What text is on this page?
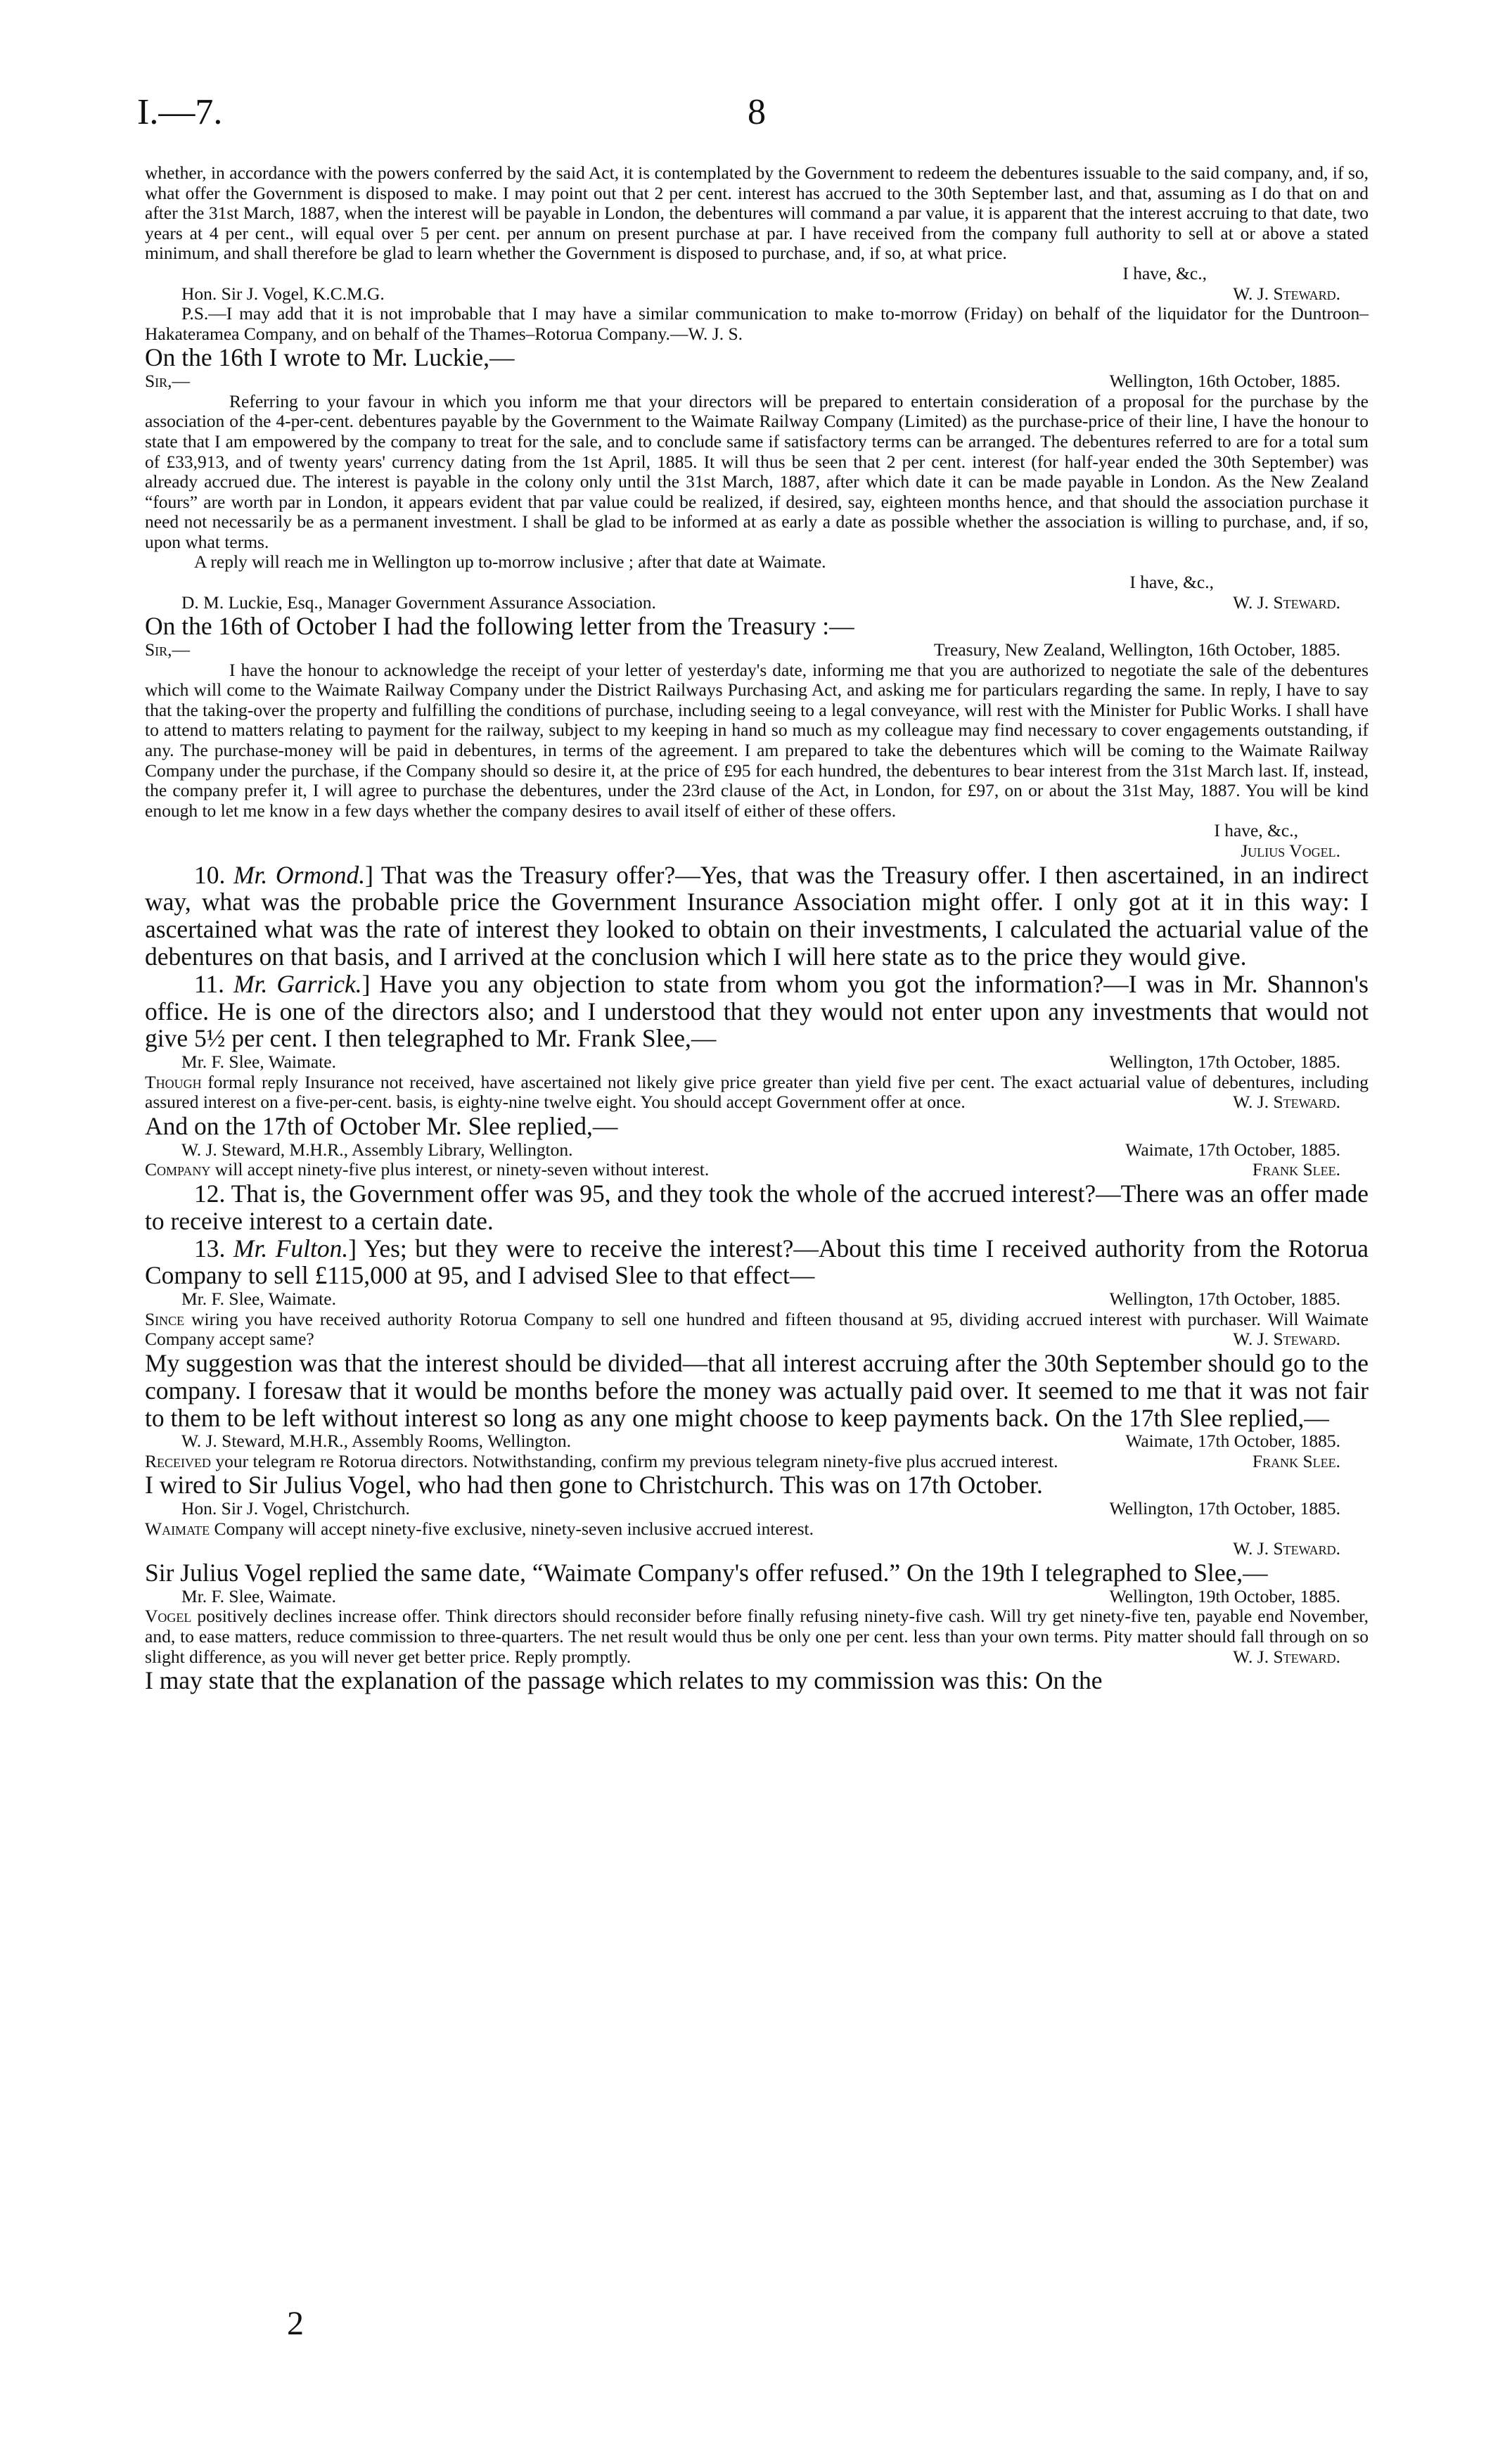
I.—7.	8

whether, in accordance with the powers conferred by the said Act, it is contemplated by the Government to redeem the debentures issuable to the said company, and, if so, what offer the Government is disposed to make. I may point out that 2 per cent. interest has accrued to the 30th September last, and that, assuming as I do that on and after the 31st March, 1887, when the interest will be payable in London, the debentures will command a par value, it is apparent that the interest accruing to that date, two years at 4 per cent., will equal over 5 per cent. per annum on present purchase at par. I have received from the company full authority to sell at or above a stated minimum, and shall therefore be glad to learn whether the Government is disposed to purchase, and, if so, at what price.

I have, &c.,
Hon. Sir J. Vogel, K.C.M.G.	W. J. Steward.

P.S.—I may add that it is not improbable that I may have a similar communication to make to-morrow (Friday) on behalf of the liquidator for the Duntroon–Hakateramea Company, and on behalf of the Thames–Rotorua Company.—W. J. S.

On the 16th I wrote to Mr. Luckie,—

Sir,—	Wellington, 16th October, 1885.

Referring to your favour in which you inform me that your directors will be prepared to entertain consideration of a proposal for the purchase by the association of the 4-per-cent. debentures payable by the Government to the Waimate Railway Company (Limited) as the purchase-price of their line, I have the honour to state that I am empowered by the company to treat for the sale, and to conclude same if satisfactory terms can be arranged. The debentures referred to are for a total sum of £33,913, and of twenty years' currency dating from the 1st April, 1885. It will thus be seen that 2 per cent. interest (for half-year ended the 30th September) was already accrued due. The interest is payable in the colony only until the 31st March, 1887, after which date it can be made payable in London. As the New Zealand “fours” are worth par in London, it appears evident that par value could be realized, if desired, say, eighteen months hence, and that should the association purchase it need not necessarily be as a permanent investment. I shall be glad to be informed at as early a date as possible whether the association is willing to purchase, and, if so, upon what terms.

A reply will reach me in Wellington up to-morrow inclusive ; after that date at Waimate.

I have, &c.,
D. M. Luckie, Esq., Manager Government Assurance Association.	W. J. Steward.

On the 16th of October I had the following letter from the Treasury :—

Sir,—	Treasury, New Zealand, Wellington, 16th October, 1885.

I have the honour to acknowledge the receipt of your letter of yesterday's date, informing me that you are authorized to negotiate the sale of the debentures which will come to the Waimate Railway Company under the District Railways Purchasing Act, and asking me for particulars regarding the same. In reply, I have to say that the taking-over the property and fulfilling the conditions of purchase, including seeing to a legal conveyance, will rest with the Minister for Public Works. I shall have to attend to matters relating to payment for the railway, subject to my keeping in hand so much as my colleague may find necessary to cover engagements outstanding, if any. The purchase-money will be paid in debentures, in terms of the agreement. I am prepared to take the debentures which will be coming to the Waimate Railway Company under the purchase, if the Company should so desire it, at the price of £95 for each hundred, the debentures to bear interest from the 31st March last. If, instead, the company prefer it, I will agree to purchase the debentures, under the 23rd clause of the Act, in London, for £97, on or about the 31st May, 1887. You will be kind enough to let me know in a few days whether the company desires to avail itself of either of these offers.

I have, &c.,
Julius Vogel.

10. Mr. Ormond.] That was the Treasury offer?—Yes, that was the Treasury offer. I then ascertained, in an indirect way, what was the probable price the Government Insurance Association might offer. I only got at it in this way: I ascertained what was the rate of interest they looked to obtain on their investments, I calculated the actuarial value of the debentures on that basis, and I arrived at the conclusion which I will here state as to the price they would give.

11. Mr. Garrick.] Have you any objection to state from whom you got the information?—I was in Mr. Shannon's office. He is one of the directors also; and I understood that they would not enter upon any investments that would not give 5½ per cent. I then telegraphed to Mr. Frank Slee,—

Mr. F. Slee, Waimate.	Wellington, 17th October, 1885.

Though formal reply Insurance not received, have ascertained not likely give price greater than yield five per cent. The exact actuarial value of debentures, including assured interest on a five-per-cent. basis, is eighty-nine twelve eight. You should accept Government offer at once.	W. J. Steward.

And on the 17th of October Mr. Slee replied,—

W. J. Steward, M.H.R., Assembly Library, Wellington.	Waimate, 17th October, 1885.
Company will accept ninety-five plus interest, or ninety-seven without interest.	Frank Slee.

12. That is, the Government offer was 95, and they took the whole of the accrued interest?—There was an offer made to receive interest to a certain date.

13. Mr. Fulton.] Yes; but they were to receive the interest?—About this time I received authority from the Rotorua Company to sell £115,000 at 95, and I advised Slee to that effect—

Mr. F. Slee, Waimate.	Wellington, 17th October, 1885.

Since wiring you have received authority Rotorua Company to sell one hundred and fifteen thousand at 95, dividing accrued interest with purchaser. Will Waimate Company accept same?	W. J. Steward.

My suggestion was that the interest should be divided—that all interest accruing after the 30th September should go to the company. I foresaw that it would be months before the money was actually paid over. It seemed to me that it was not fair to them to be left without interest so long as any one might choose to keep payments back. On the 17th Slee replied,—

W. J. Steward, M.H.R., Assembly Rooms, Wellington.	Waimate, 17th October, 1885.

Received your telegram re Rotorua directors. Notwithstanding, confirm my previous telegram ninety-five plus accrued interest.	Frank Slee.

I wired to Sir Julius Vogel, who had then gone to Christchurch. This was on 17th October.

Hon. Sir J. Vogel, Christchurch.	Wellington, 17th October, 1885.

Waimate Company will accept ninety-five exclusive, ninety-seven inclusive accrued interest.

W. J. Steward.

Sir Julius Vogel replied the same date, “Waimate Company's offer refused.” On the 19th I telegraphed to Slee,—

Mr. F. Slee, Waimate.	Wellington, 19th October, 1885.

Vogel positively declines increase offer. Think directors should reconsider before finally refusing ninety-five cash. Will try get ninety-five ten, payable end November, and, to ease matters, reduce commission to three-quarters. The net result would thus be only one per cent. less than your own terms. Pity matter should fall through on so slight difference, as you will never get better price. Reply promptly.	W. J. Steward.

I may state that the explanation of the passage which relates to my commission was this: On the

2
